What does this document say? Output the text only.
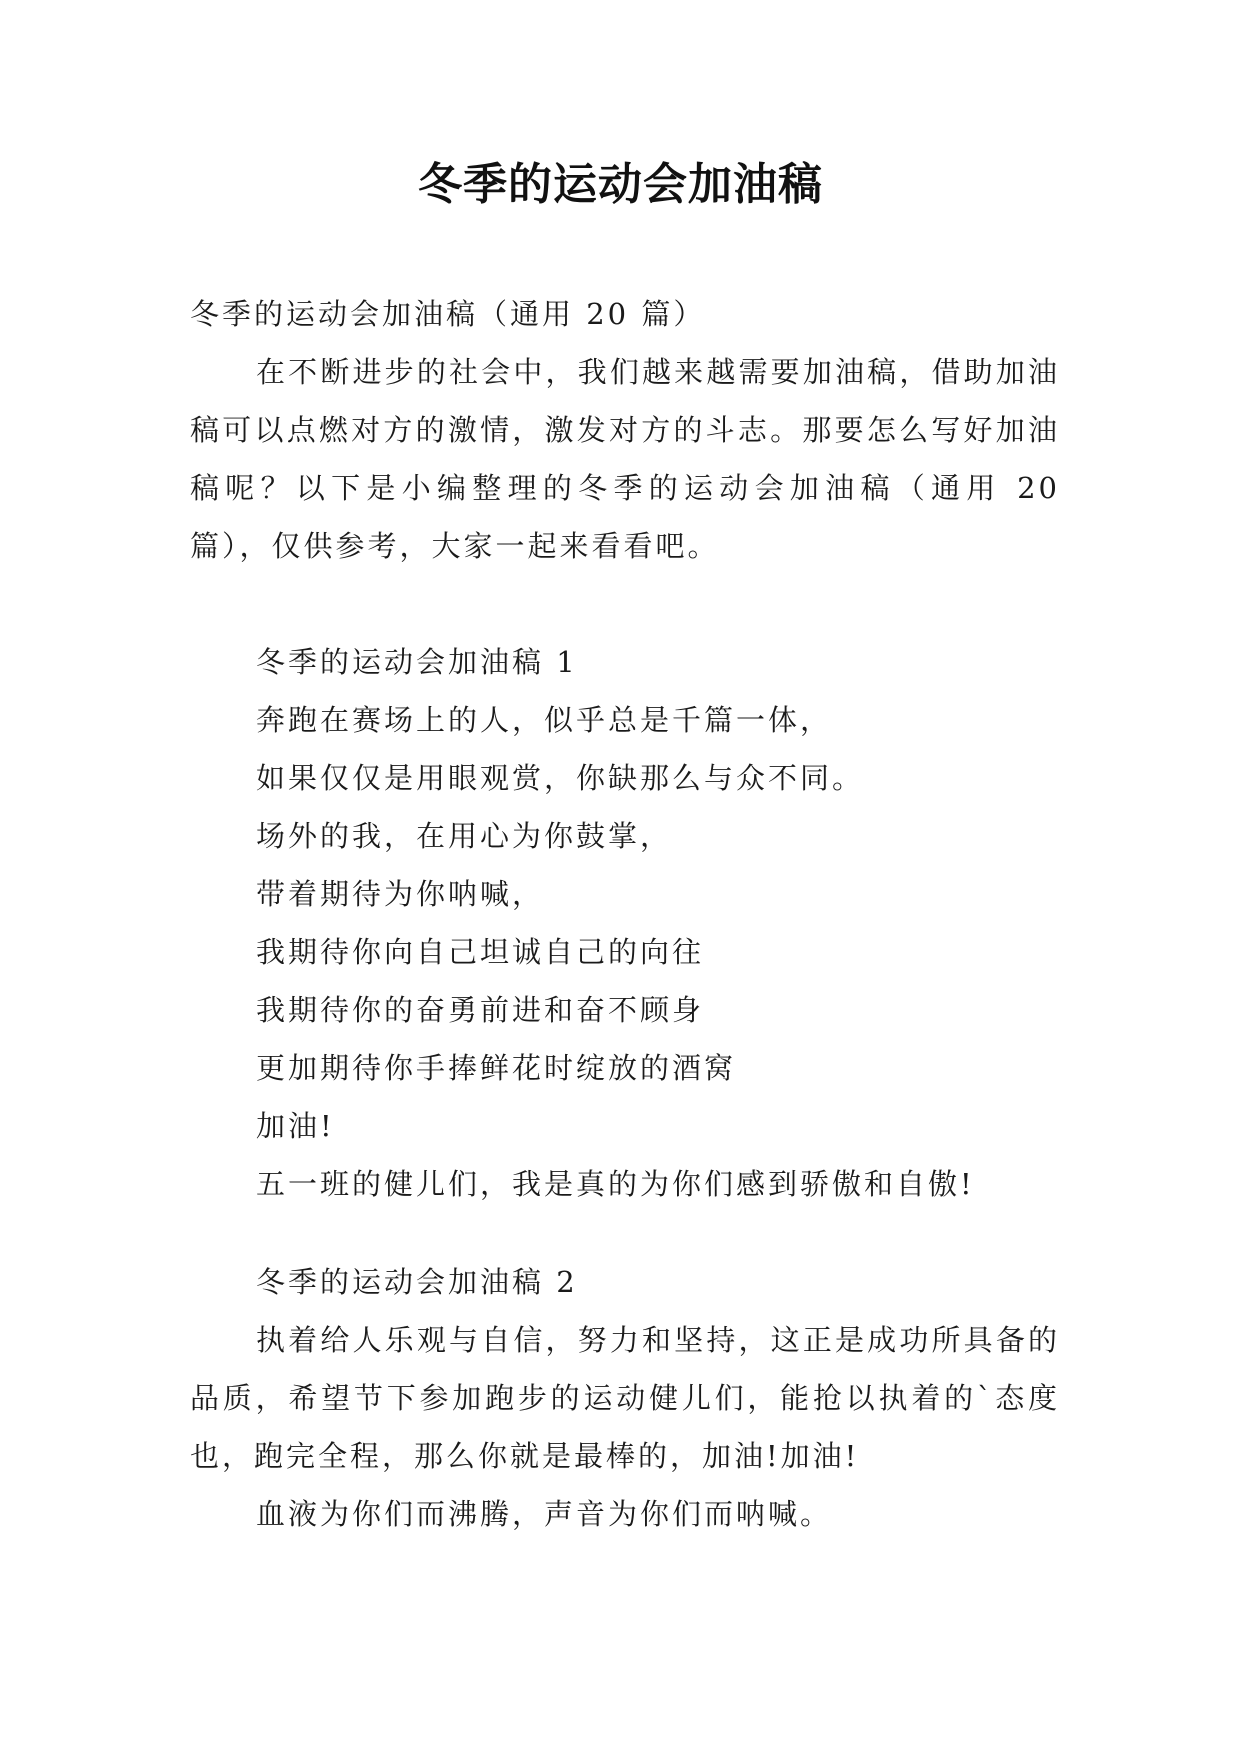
冬季的运动会加油稿

冬季的运动会加油稿（通用 20 篇）

在不断进步的社会中，我们越来越需要加油稿，借助加油稿可以点燃对方的激情，激发对方的斗志。那要怎么写好加油稿呢？以下是小编整理的冬季的运动会加油稿（通用 20 篇），仅供参考，大家一起来看看吧。

冬季的运动会加油稿 1

奔跑在赛场上的人，似乎总是千篇一体，

如果仅仅是用眼观赏，你缺那么与众不同。

场外的我，在用心为你鼓掌，

带着期待为你呐喊，

我期待你向自己坦诚自己的向往

我期待你的奋勇前进和奋不顾身

更加期待你手捧鲜花时绽放的酒窝

加油!

五一班的健儿们，我是真的为你们感到骄傲和自傲!

冬季的运动会加油稿 2

执着给人乐观与自信，努力和坚持，这正是成功所具备的品质，希望节下参加跑步的运动健儿们，能抢以执着的`态度也，跑完全程，那么你就是最棒的，加油!加油!

血液为你们而沸腾，声音为你们而呐喊。
